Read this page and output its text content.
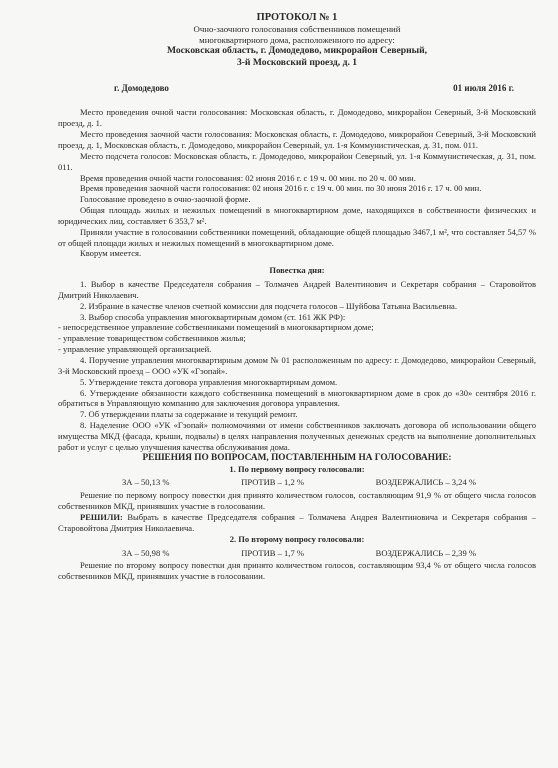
ПРОТОКОЛ № 1
Очно-заочного голосования собственников помещений
многоквартирного дома, расположенного по адресу:
Московская область, г. Домодедово, микрорайон Северный,
3-й Московский проезд, д. 1
г. Домодедово	01 июля 2016 г.

Место проведения очной части голосования: Московская область, г. Домодедово, микрорайон Северный, 3-й Московский проезд, д. 1.

Место проведения заочной части голосования: Московская область, г. Домодедово, микрорайон Северный, 3-й Московский проезд, д. 1, Московская область, г. Домодедово, микрорайон Северный, ул. 1-я Коммунистическая, д. 31, пом. 011.

Место подсчета голосов: Московская область, г. Домодедово, микрорайон Северный, ул. 1-я Коммунистическая, д. 31, пом. 011.

Время проведения очной части голосования: 02 июня 2016 г. с 19 ч. 00 мин. по 20 ч. 00 мин.

Время проведения заочной части голосования: 02 июня 2016 г. с 19 ч. 00 мин. по 30 июня 2016 г. 17 ч. 00 мин.

Голосование проведено в очно-заочной форме.

Общая площадь жилых и нежилых помещений в многоквартирном доме, находящихся в собственности физических и юридических лиц, составляет 6 353,7 м².

Приняли участие в голосовании собственники помещений, обладающие общей площадью 3467,1 м², что составляет 54,57 % от общей площади жилых и нежилых помещений в многоквартирном доме.

Кворум имеется.

Повестка дня:

1. Выбор в качестве Председателя собрания – Толмачев Андрей Валентинович и Секретаря собрания – Старовойтов Дмитрий Николаевич.

2. Избрание в качестве членов счетной комиссии для подсчета голосов – Шуйбова Татьяна Васильевна.

3. Выбор способа управления многоквартирным домом (ст. 161 ЖК РФ):

- непосредственное управление собственниками помещений в многоквартирном доме;

- управление товариществом собственников жилья;

- управление управляющей организацией.

4. Поручение управления многоквартирным домом № 01 расположенным по адресу: г. Домодедово, микрорайон Северный, 3-й Московский проезд – ООО «УК «Гэопай».

5. Утверждение текста договора управления многоквартирным домом.

6. Утверждение обязанности каждого собственника помещений в многоквартирном доме в срок до «30» сентября 2016 г. обратиться в Управляющую компанию для заключения договора управления.

7. Об утверждении платы за содержание и текущий ремонт.

8. Наделение ООО «УК «Гэопай» полномочиями от имени собственников заключать договора об использовании общего имущества МКД (фасада, крыши, подвалы) в целях направления полученных денежных средств на выполнение дополнительных работ и услуг с целью улучшения качества обслуживания дома.

РЕШЕНИЯ ПО ВОПРОСАМ, ПОСТАВЛЕННЫМ НА ГОЛОСОВАНИЕ:
1. По первому вопросу голосовали:
ЗА – 50,13 %	ПРОТИВ – 1,2 %	ВОЗДЕРЖАЛИСЬ – 3,24 %

Решение по первому вопросу повестки дня принято количеством голосов, составляющим 91,9 % от общего числа голосов собственников МКД, принявших участие в голосовании.

РЕШИЛИ: Выбрать в качестве Председателя собрания – Толмачева Андрея Валентиновича и Секретаря собрания – Старовойтова Дмитрия Николаевича.

2. По второму вопросу голосовали:
ЗА – 50,98 %	ПРОТИВ – 1,7 %	ВОЗДЕРЖАЛИСЬ – 2,39 %

Решение по второму вопросу повестки дня принято количеством голосов, составляющим 93,4 % от общего числа голосов собственников МКД, принявших участие в голосовании.
